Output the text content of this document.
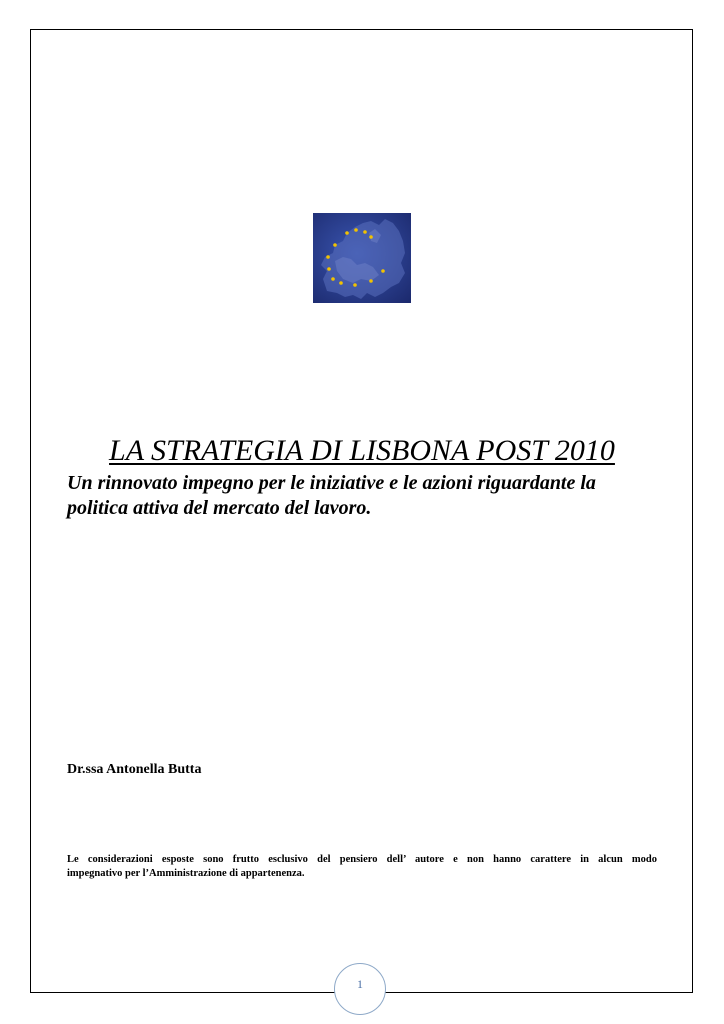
LA STRATEGIA DI LISBONA POST 2010

Un rinnovato impegno per le iniziative e le azioni riguardante la
politica attiva del mercato del lavoro.

Dr.ssa Antonella Butta

Le considerazioni esposte sono frutto esclusivo del pensiero dell’ autore e non hanno carattere in alcun modo
impegnativo per l’Amministrazione di appartenenza.

1
